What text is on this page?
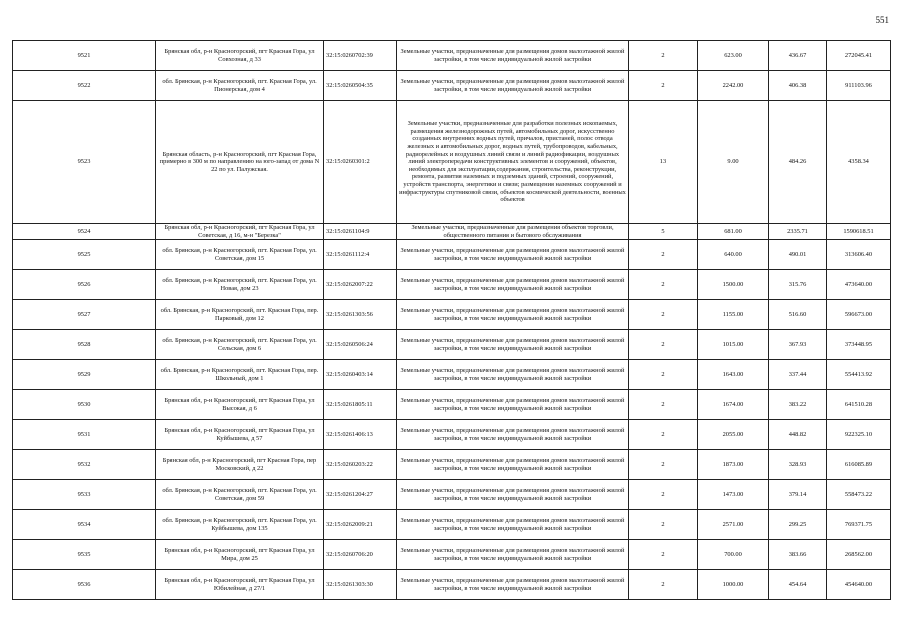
551
9521	Брянская обл, р-н Красногорский, пгт Красная Гора, ул Совхозная, д 33	32:15:0260702:39	Земельные участки, предназначенные для размещения домов малоэтажной жилой застройки, в том числе индивидуальной жилой застройки	2	623.00	436.67	272045.41
9522	обл. Брянская, р-н Красногорский, пгт. Красная Гора, ул. Пионерская, дом 4	32:15:0260504:35	Земельные участки, предназначенные для размещения домов малоэтажной жилой застройки, в том числе индивидуальной жилой застройки	2	2242.00	406.38	911103.96
9523	Брянская область, р-н Красногорский, пгт Красная Гора, примерно в 300 м по направлению на юго-запад от дома N 22 по ул. Палужская.	32:15:0260301:2	Земельные участки, предназначенные для разработки полезных ископаемых, размещения железнодорожных путей, автомобильных дорог, искусственно созданных внутренних водных путей, причалов, пристаней, полос отвода железных и автомобильных дорог, водных путей, трубопроводов, кабельных, радиорелейных и воздушных линий связи и линий радиофикации, воздушных линий электропередачи конструктивных элементов и сооружений, объектов, необходимых для эксплуатации,содержания, строительства, реконструкции, ремонта, развития наземных и подземных зданий, строений, сооружений, устройств транспорта, энергетики и связи; размещения наземных сооружений и инфраструктуры спутниковой связи, объектов космической деятельности, военных объектов	13	9.00	484.26	4358.34
9524	Брянская обл, р-н Красногорский, пгт Красная Гора, ул Советская, д 16, м-н "Березка"	32:15:0261104:9	Земельные участки, предназначенные для размещения объектов торговли, общественного питания и бытового обслуживания	5	681.00	2335.71	1590618.51
9525	обл. Брянская, р-н Красногорский, пгт. Красная Гора, ул. Советская, дом 15	32:15:0261112:4	Земельные участки, предназначенные для размещения домов малоэтажной жилой застройки, в том числе индивидуальной жилой застройки	2	640.00	490.01	313606.40
9526	обл. Брянская, р-н Красногорский, пгт. Красная Гора, ул. Новая, дом 23	32:15:0262007:22	Земельные участки, предназначенные для размещения домов малоэтажной жилой застройки, в том числе индивидуальной жилой застройки	2	1500.00	315.76	473640.00
9527	обл. Брянская, р-н Красногорский, пгт. Красная Гора, пер. Парковый, дом 12	32:15:0261303:56	Земельные участки, предназначенные для размещения домов малоэтажной жилой застройки, в том числе индивидуальной жилой застройки	2	1155.00	516.60	596673.00
9528	обл. Брянская, р-н Красногорский, пгт. Красная Гора, ул. Сельская, дом 6	32:15:0260506:24	Земельные участки, предназначенные для размещения домов малоэтажной жилой застройки, в том числе индивидуальной жилой застройки	2	1015.00	367.93	373448.95
9529	обл. Брянская, р-н Красногорский, пгт. Красная Гора, пер. Школьный, дом 1	32:15:0260403:14	Земельные участки, предназначенные для размещения домов малоэтажной жилой застройки, в том числе индивидуальной жилой застройки	2	1643.00	337.44	554413.92
9530	Брянская обл, р-н Красногорский, пгт Красная Гора, ул Высокая, д 6	32:15:0261805:11	Земельные участки, предназначенные для размещения домов малоэтажной жилой застройки, в том числе индивидуальной жилой застройки	2	1674.00	383.22	641510.28
9531	Брянская обл, р-н Красногорский, пгт Красная Гора, ул Куйбышева, д 57	32:15:0261406:13	Земельные участки, предназначенные для размещения домов малоэтажной жилой застройки, в том числе индивидуальной жилой застройки	2	2055.00	448.82	922325.10
9532	Брянская обл, р-н Красногорский, пгт Красная Гора, пер Московский, д 22	32:15:0260203:22	Земельные участки, предназначенные для размещения домов малоэтажной жилой застройки, в том числе индивидуальной жилой застройки	2	1873.00	328.93	616085.89
9533	обл. Брянская, р-н Красногорский, пгт. Красная Гора, ул. Советская, дом 59	32:15:0261204:27	Земельные участки, предназначенные для размещения домов малоэтажной жилой застройки, в том числе индивидуальной жилой застройки	2	1473.00	379.14	558473.22
9534	обл. Брянская, р-н Красногорский, пгт. Красная Гора, ул. Куйбышева, дом 135	32:15:0262009:21	Земельные участки, предназначенные для размещения домов малоэтажной жилой застройки, в том числе индивидуальной жилой застройки	2	2571.00	299.25	769371.75
9535	Брянская обл, р-н Красногорский, пгт Красная Гора, ул Мира, дом 25	32:15:0260706:20	Земельные участки, предназначенные для размещения домов малоэтажной жилой застройки, в том числе индивидуальной жилой застройки	2	700.00	383.66	268562.00
9536	Брянская обл, р-н Красногорский, пгт Красная Гора, ул Юбилейная, д 27/1	32:15:0261303:30	Земельные участки, предназначенные для размещения домов малоэтажной жилой застройки, в том числе индивидуальной жилой застройки	2	1000.00	454.64	454640.00
